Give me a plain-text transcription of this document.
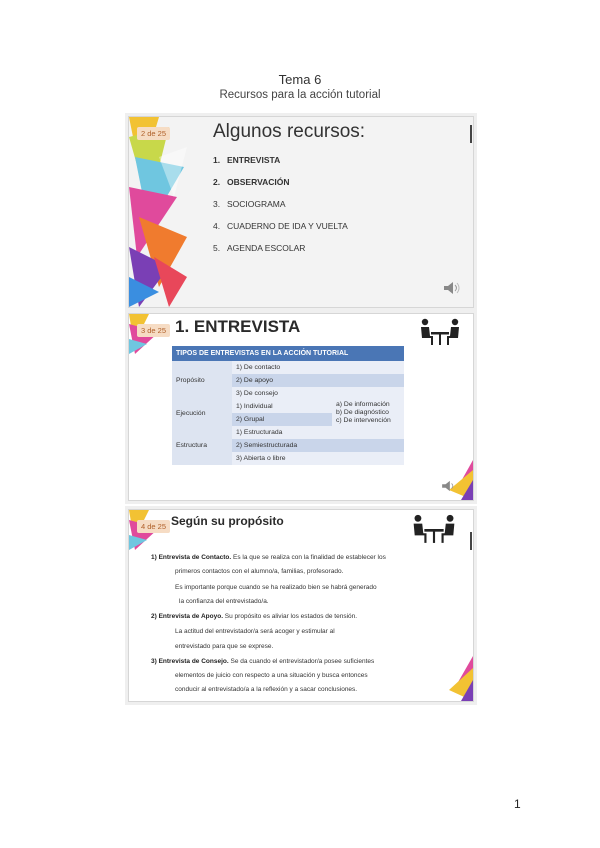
Tema 6
Recursos para la acción tutorial
2 de 25 Algunos recursos:
1. ENTREVISTA
2. OBSERVACIÓN
3. SOCIOGRAMA
4. CUADERNO DE IDA Y VUELTA
5. AGENDA ESCOLAR
3 de 25 1. ENTREVISTA
TIPOS DE ENTREVISTAS EN LA ACCIÓN TUTORIAL		
Propósito	1) De contacto	
	2) De apoyo	
	3) De consejo	
Ejecución	1) Individual	a) De información
b) De diagnóstico
c) De intervención

	2) Grupal	
Estructura	1) Estructurada	
	2) Semiestructurada	
	3) Abierta o libre	
4 de 25 Según su propósito
1) Entrevista de Contacto. Es la que se realiza con la finalidad de establecer los
primeros contactos con el alumno/a, familias, profesorado.
Es importante porque cuando se ha realizado bien se habrá generado
la confianza del entrevistado/a.
2) Entrevista de Apoyo. Su propósito es aliviar los estados de tensión.
La actitud del entrevistador/a será acoger y estimular al
entrevistado para que se exprese.
3) Entrevista de Consejo. Se da cuando el entrevistador/a posee suficientes
elementos de juicio con respecto a una situación y busca entonces
conducir al entrevistado/a a la reflexión y a sacar conclusiones.
1
